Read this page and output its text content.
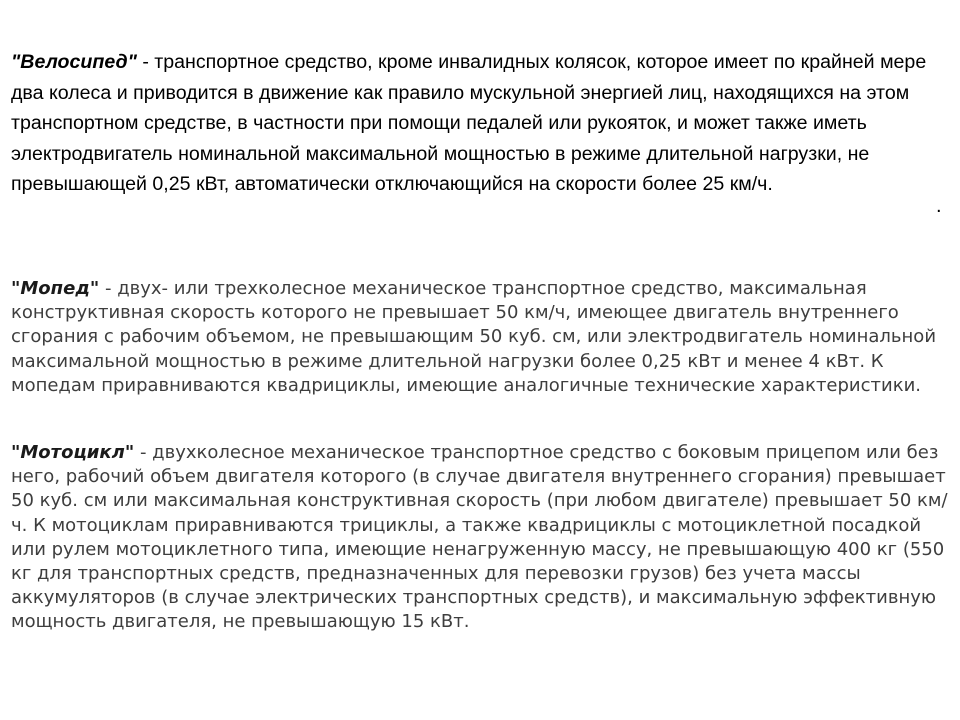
"Велосипед" - транспортное средство, кроме инвалидных колясок, которое имеет по крайней мере два колеса и приводится в движение как правило мускульной энергией лиц, находящихся на этом транспортном средстве, в частности при помощи педалей или рукояток, и может также иметь электродвигатель номинальной максимальной мощностью в режиме длительной нагрузки, не превышающей 0,25 кВт, автоматически отключающийся на скорости более 25 км/ч.

.

"Мопед" - двух- или трехколесное механическое транспортное средство, максимальная конструктивная скорость которого не превышает 50 км/ч, имеющее двигатель внутреннего сгорания с рабочим объемом, не превышающим 50 куб. см, или электродвигатель номинальной максимальной мощностью в режиме длительной нагрузки более 0,25 кВт и менее 4 кВт. К мопедам приравниваются квадрициклы, имеющие аналогичные технические характеристики.

"Мотоцикл" - двухколесное механическое транспортное средство с боковым прицепом или без него, рабочий объем двигателя которого (в случае двигателя внутреннего сгорания) превышает 50 куб. см или максимальная конструктивная скорость (при любом двигателе) превышает 50 км/ч. К мотоциклам приравниваются трициклы, а также квадрициклы с мотоциклетной посадкой или рулем мотоциклетного типа, имеющие ненагруженную массу, не превышающую 400 кг (550 кг для транспортных средств, предназначенных для перевозки грузов) без учета массы аккумуляторов (в случае электрических транспортных средств), и максимальную эффективную мощность двигателя, не превышающую 15 кВт.
